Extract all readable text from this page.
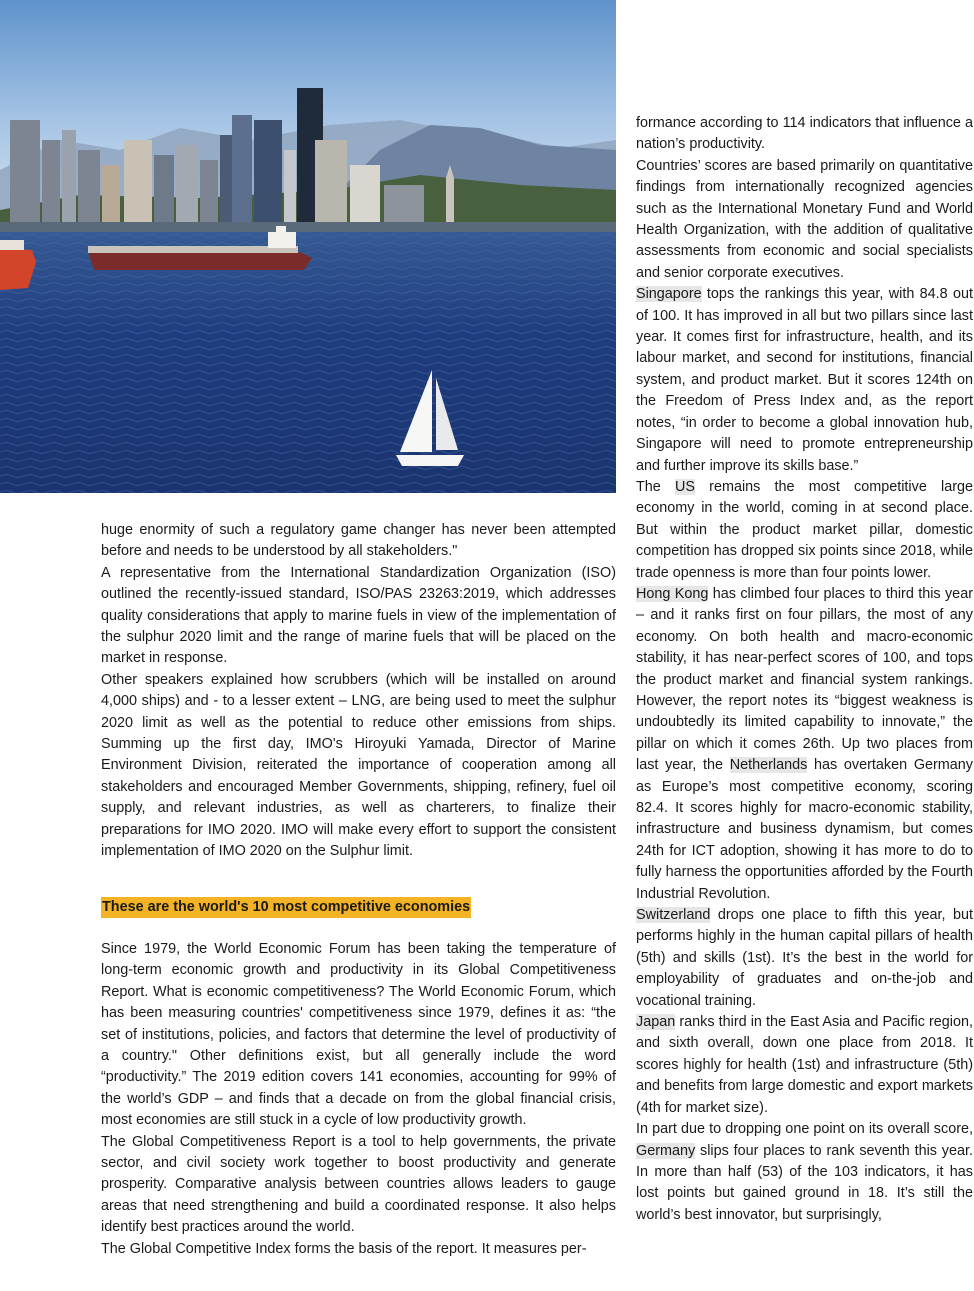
huge enormity of such a regulatory game changer has never been attempted before and needs to be understood by all stakeholders."

A representative from the International Standardization Organization (ISO) outlined the recently-issued standard, ISO/PAS 23263:2019, which addresses quality considerations that apply to marine fuels in view of the implementation of the sulphur 2020 limit and the range of marine fuels that will be placed on the market in response.

Other speakers explained how scrubbers (which will be installed on around 4,000 ships) and - to a lesser extent – LNG, are being used to meet the sulphur 2020 limit as well as the potential to reduce other emissions from ships. Summing up the first day, IMO's Hiroyuki Yamada, Director of Marine Environment Division, reiterated the importance of cooperation among all stakeholders and encouraged Member Governments, shipping, refinery, fuel oil supply, and relevant industries, as well as charterers, to finalize their preparations for IMO 2020. IMO will make every effort to support the consistent implementation of IMO 2020 on the Sulphur limit.

These are the world's 10 most competitive economies

Since 1979, the World Economic Forum has been taking the temperature of long-term economic growth and productivity in its Global Competitiveness Report. What is economic competitiveness? The World Economic Forum, which has been measuring countries' competitiveness since 1979, defines it as: “the set of institutions, policies, and factors that determine the level of productivity of a country." Other definitions exist, but all generally include the word “productivity.” The 2019 edition covers 141 economies, accounting for 99% of the world’s GDP – and finds that a decade on from the global financial crisis, most economies are still stuck in a cycle of low productivity growth.

The Global Competitiveness Report is a tool to help governments, the private sector, and civil society work together to boost productivity and generate prosperity. Comparative analysis between countries allows leaders to gauge areas that need strengthening and build a coordinated response. It also helps identify best practices around the world.

The Global Competitive Index forms the basis of the report. It measures per-

formance according to 114 indicators that influence a nation’s productivity.

Countries’ scores are based primarily on quantitative findings from internationally recognized agencies such as the International Monetary Fund and World Health Organization, with the addition of qualitative assessments from economic and social specialists and senior corporate executives.

Singapore tops the rankings this year, with 84.8 out of 100. It has improved in all but two pillars since last year. It comes first for infrastructure, health, and its labour market, and second for institutions, financial system, and product market. But it scores 124th on the Freedom of Press Index and, as the report notes, “in order to become a global innovation hub, Singapore will need to promote entrepreneurship and further improve its skills base.”

The US remains the most competitive large economy in the world, coming in at second place. But within the product market pillar, domestic competition has dropped six points since 2018, while trade openness is more than four points lower.

Hong Kong has climbed four places to third this year – and it ranks first on four pillars, the most of any economy. On both health and macro-economic stability, it has near-perfect scores of 100, and tops the product market and financial system rankings. However, the report notes its “biggest weakness is undoubtedly its limited capability to innovate,” the pillar on which it comes 26th. Up two places from last year, the Netherlands has overtaken Germany as Europe’s most competitive economy, scoring 82.4. It scores highly for macro-economic stability, infrastructure and business dynamism, but comes 24th for ICT adoption, showing it has more to do to fully harness the opportunities afforded by the Fourth Industrial Revolution.

Switzerland drops one place to fifth this year, but performs highly in the human capital pillars of health (5th) and skills (1st). It’s the best in the world for employability of graduates and on-the-job and vocational training.

Japan ranks third in the East Asia and Pacific region, and sixth overall, down one place from 2018. It scores highly for health (1st) and infrastructure (5th) and benefits from large domestic and export markets (4th for market size).

In part due to dropping one point on its overall score, Germany slips four places to rank seventh this year. In more than half (53) of the 103 indicators, it has lost points but gained ground in 18. It’s still the world’s best innovator, but surprisingly,
